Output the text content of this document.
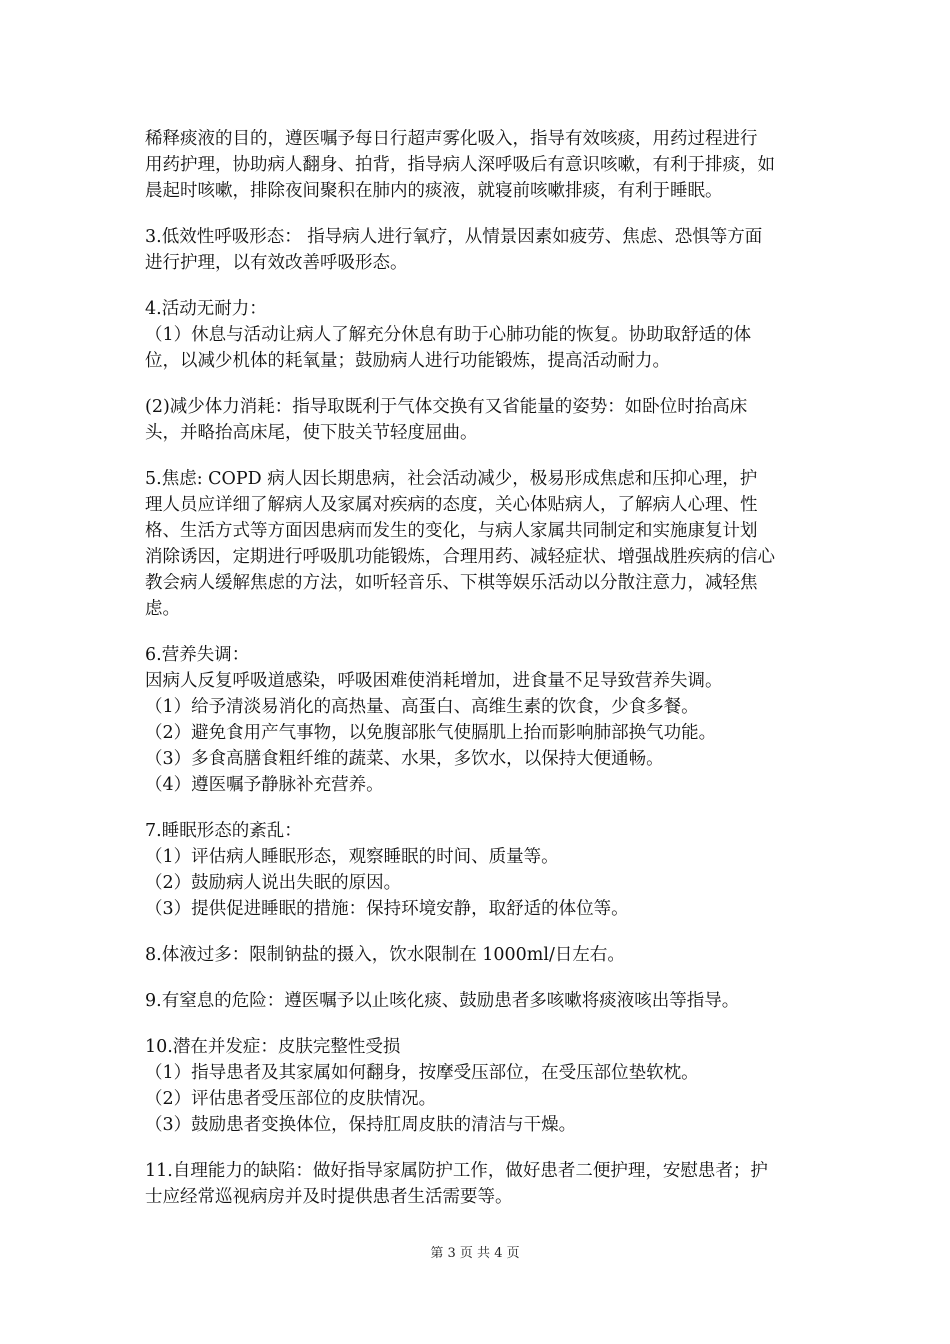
稀释痰液的目的，遵医嘱予每日行超声雾化吸入，指导有效咳痰，用药过程进行
用药护理，协助病人翻身、拍背，指导病人深呼吸后有意识咳嗽，有利于排痰，如
晨起时咳嗽，排除夜间聚积在肺内的痰液，就寝前咳嗽排痰，有利于睡眠。

3.低效性呼吸形态： 指导病人进行氧疗，从情景因素如疲劳、焦虑、恐惧等方面
进行护理，以有效改善呼吸形态。

4.活动无耐力：
（1）休息与活动让病人了解充分休息有助于心肺功能的恢复。协助取舒适的体
位，以减少机体的耗氧量；鼓励病人进行功能锻炼，提高活动耐力。

(2)减少体力消耗：指导取既利于气体交换有又省能量的姿势：如卧位时抬高床
头，并略抬高床尾，使下肢关节轻度屈曲。

5.焦虑: COPD 病人因长期患病，社会活动减少，极易形成焦虑和压抑心理，护
理人员应详细了解病人及家属对疾病的态度，关心体贴病人，了解病人心理、性
格、生活方式等方面因患病而发生的变化，与病人家属共同制定和实施康复计划
消除诱因，定期进行呼吸肌功能锻炼，合理用药、减轻症状、增强战胜疾病的信心
教会病人缓解焦虑的方法，如听轻音乐、下棋等娱乐活动以分散注意力，减轻焦
虑。

6.营养失调：
因病人反复呼吸道感染，呼吸困难使消耗增加，进食量不足导致营养失调。
（1）给予清淡易消化的高热量、高蛋白、高维生素的饮食，少食多餐。
（2）避免食用产气事物，以免腹部胀气使膈肌上抬而影响肺部换气功能。
（3）多食高膳食粗纤维的蔬菜、水果，多饮水，以保持大便通畅。
（4）遵医嘱予静脉补充营养。

7.睡眠形态的紊乱：
（1）评估病人睡眠形态，观察睡眠的时间、质量等。
（2）鼓励病人说出失眠的原因。
（3）提供促进睡眠的措施：保持环境安静，取舒适的体位等。

8.体液过多：限制钠盐的摄入，饮水限制在 1000ml/日左右。

9.有窒息的危险：遵医嘱予以止咳化痰、鼓励患者多咳嗽将痰液咳出等指导。

10.潜在并发症：皮肤完整性受损
（1）指导患者及其家属如何翻身，按摩受压部位，在受压部位垫软枕。
（2）评估患者受压部位的皮肤情况。
（3）鼓励患者变换体位，保持肛周皮肤的清洁与干燥。

11.自理能力的缺陷：做好指导家属防护工作，做好患者二便护理，安慰患者；护
士应经常巡视病房并及时提供患者生活需要等。

第 3 页 共 4 页
